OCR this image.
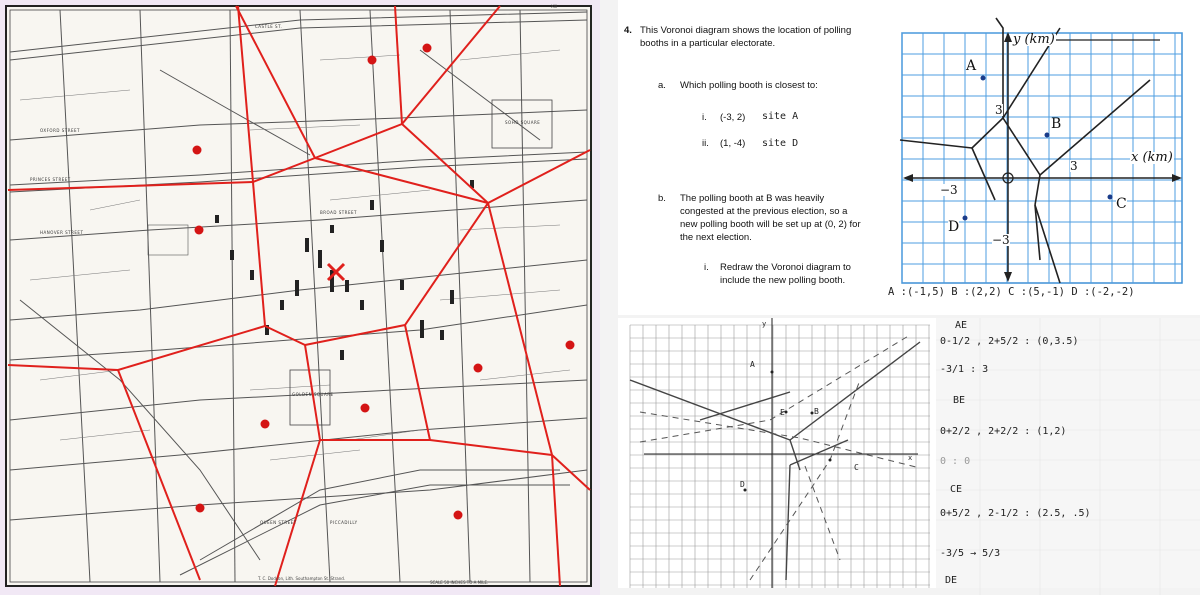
XIII
OXFORD STREET
PRINCES STREET
CASTLE ST.
BROAD STREET
SOHO SQUARE
GOLDEN SQUARE
HANOVER STREET
PICCADILLY
QUEEN STREET
T. C. Dodson, Lith. Southampton St. Strand.
SCALE 50 INCHES TO A MILE.
4. This Voronoi diagram shows the location of polling
booths in a particular electorate.
a. Which polling booth is closest to:
i. (-3, 2) site A
ii. (1, -4) site D
b. The polling booth at B was heavily
congested at the previous election, so a
new polling booth will be set up at (0, 2) for
the next election.
i. Redraw the Voronoi diagram to
include the new polling booth.
y (km)
x (km)
3
3
−3
−3
A
B
C
D
A :(-1,5) B :(2,2) C :(5,-1) D :(-2,-2)
AE
0-1/2 , 2+5/2 : (0,3.5)
-3/1 : 3
BE
0+2/2 , 2+2/2 : (1,2)
0 : 0
CE
0+5/2 , 2-1/2 : (2.5, .5)
-3/5 → 5/3
DE
y
A
E	B
C
D
x
